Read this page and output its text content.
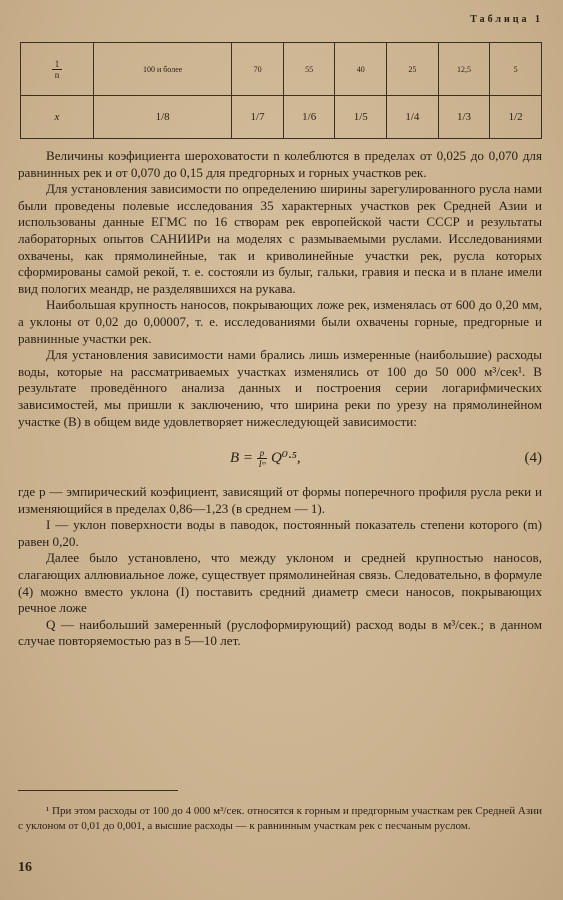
Таблица 1
$\frac{1}{n}$	100 и более	70	55	40	25	12,5	5
x	1/8	1/7	1/6	1/5	1/4	1/3	1/2

Величины коэфициента шероховатости n колеблются в пределах от 0,025 до 0,070 для равнинных рек и от 0,070 до 0,15 для предгорных и горных участков рек.

Для установления зависимости по определению ширины зарегулированного русла нами были проведены полевые исследования 35 характерных участков рек Средней Азии и использованы данные ЕГМС по 16 створам рек европейской части СССР и результаты лабораторных опытов САНИИРи на моделях с размываемыми руслами. Исследованиями охвачены, как прямолинейные, так и криволинейные участки рек, русла которых сформированы самой рекой, т. е. состояли из булыг, гальки, гравия и песка и в плане имели вид пологих меандр, не разделявшихся на рукава.

Наибольшая крупность наносов, покрывающих ложе рек, изменялась от 600 до 0,20 мм, а уклоны от 0,02 до 0,00007, т. е. исследованиями были охвачены горные, предгорные и равнинные участки рек.

Для установления зависимости нами брались лишь измеренные (наибольшие) расходы воды, которые на рассматриваемых участках изменялись от 100 до 50 000 м³/сек¹. В результате проведённого анализа данных и построения серии логарифмических зависимостей, мы пришли к заключению, что ширина реки по урезу на прямолинейном участке (B) в общем виде удовлетворяет нижеследующей зависимости:

$B = \frac{p}{\text{Iᵐ}} Q^0\cdot^5$,	(4)

где p — эмпирический коэфициент, зависящий от формы поперечного профиля русла реки и изменяющийся в пределах 0,86—1,23 (в среднем — 1).

I — уклон поверхности воды в паводок, постоянный показатель степени которого (m) равен 0,20.

Далее было установлено, что между уклоном и средней крупностью наносов, слагающих аллювиальное ложе, существует прямолинейная связь. Следовательно, в формуле (4) можно вместо уклона (I) поставить средний диаметр смеси наносов, покрывающих речное ложе

Q — наибольший замеренный (руслоформирующий) расход воды в м³/сек.; в данном случае повторяемостью раз в 5—10 лет.

¹ При этом расходы от 100 до 4 000 м³/сек. относятся к горным и предгорным участкам рек Средней Азии с уклоном от 0,01 до 0,001, а высшие расходы — к равнинным участкам рек с песчаным руслом.
16
